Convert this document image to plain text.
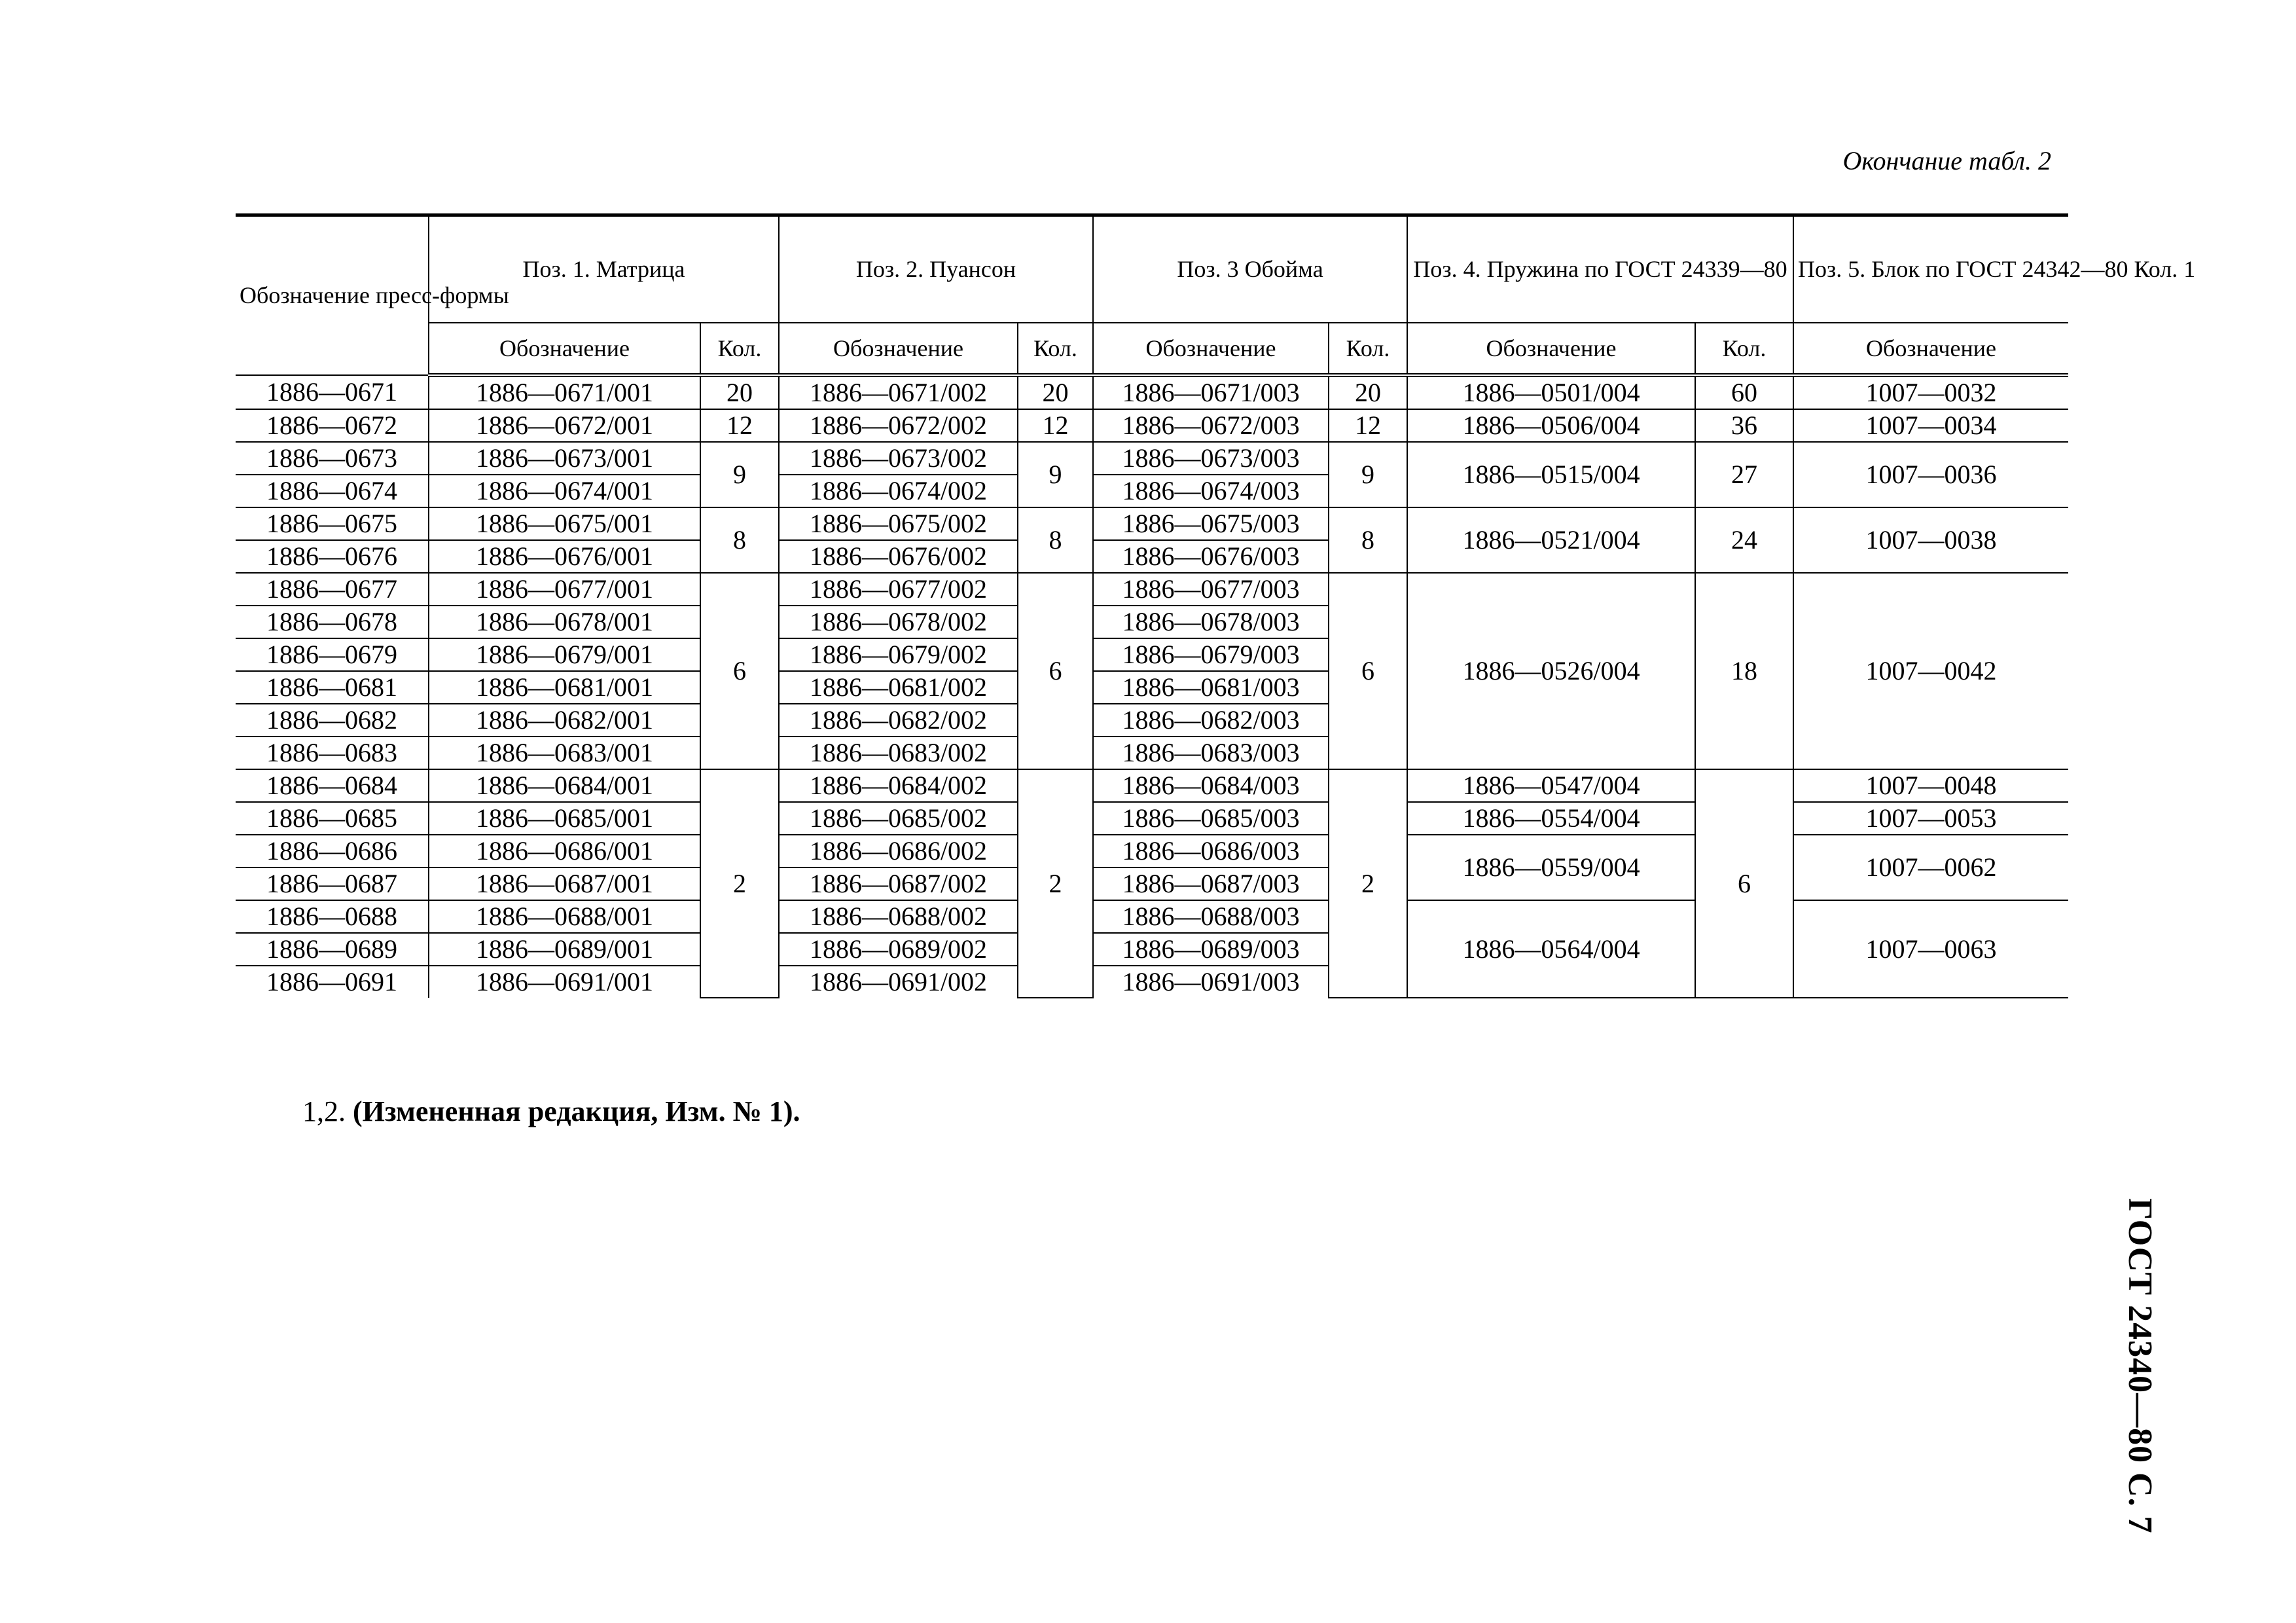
Окончание табл. 2
Обозначение пресс-формы	Поз. 1. Матрица		Поз. 2. Пуансон		Поз. 3 Обойма		Поз. 4. Пружина по ГОСТ 24339—80		Поз. 5. Блок по ГОСТ 24342—80 Кол. 1
	Обозначение	Кол.	Обозначение	Кол.	Обозначение	Кол.	Обозначение	Кол.	Обозначение
1886—0671	1886—0671/001	20	1886—0671/002	20	1886—0671/003	20	1886—0501/004	60	1007—0032
1886—0672	1886—0672/001	12	1886—0672/002	12	1886—0672/003	12	1886—0506/004	36	1007—0034
1886—0673	1886—0673/001	9	1886—0673/002	9	1886—0673/003	9	1886—0515/004	27	1007—0036
1886—0674	1886—0674/001		1886—0674/002		1886—0674/003				
1886—0675	1886—0675/001	8	1886—0675/002	8	1886—0675/003	8	1886—0521/004	24	1007—0038
1886—0676	1886—0676/001		1886—0676/002		1886—0676/003				
1886—0677	1886—0677/001	6	1886—0677/002	6	1886—0677/003	6	1886—0526/004	18	1007—0042
1886—0678	1886—0678/001		1886—0678/002		1886—0678/003				
1886—0679	1886—0679/001		1886—0679/002		1886—0679/003				
1886—0681	1886—0681/001		1886—0681/002		1886—0681/003				
1886—0682	1886—0682/001		1886—0682/002		1886—0682/003				
1886—0683	1886—0683/001		1886—0683/002		1886—0683/003				
1886—0684	1886—0684/001	2	1886—0684/002	2	1886—0684/003	2	1886—0547/004	6	1007—0048
1886—0685	1886—0685/001		1886—0685/002		1886—0685/003		1886—0554/004		1007—0053
1886—0686	1886—0686/001		1886—0686/002		1886—0686/003		1886—0559/004		1007—0062
1886—0687	1886—0687/001		1886—0687/002		1886—0687/003				
1886—0688	1886—0688/001		1886—0688/002		1886—0688/003		1886—0564/004		1007—0063
1886—0689	1886—0689/001		1886—0689/002		1886—0689/003				
1886—0691	1886—0691/001		1886—0691/002		1886—0691/003				
1,2. (Измененная редакция, Изм. № 1).
ГОСТ 24340—80 С. 7
